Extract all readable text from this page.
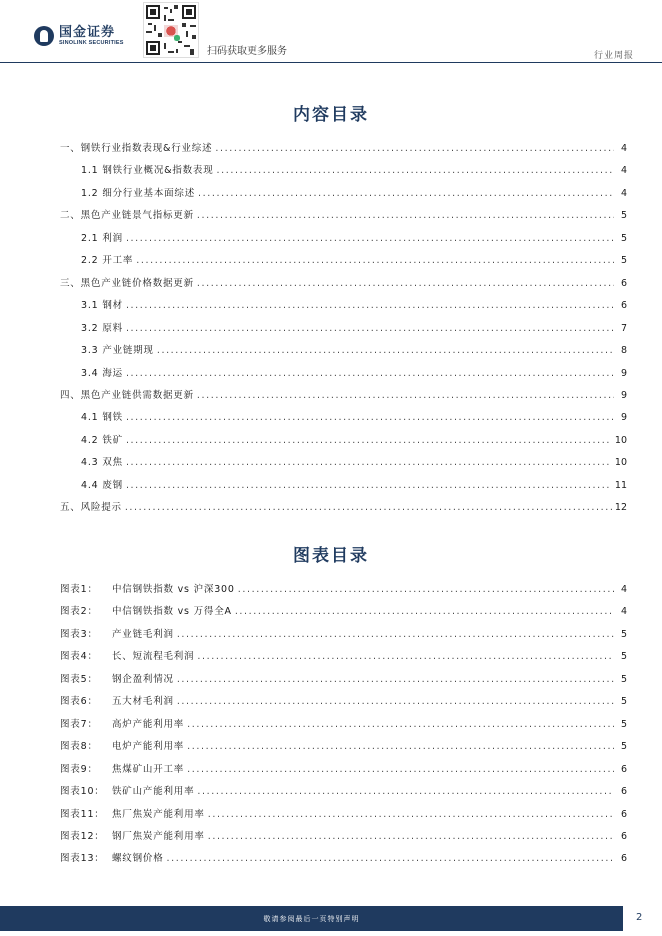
国金证券
SINOLINK SECURITIES
扫码获取更多服务	行业周报
内容目录
一、钢铁行业指数表现&行业综述 .....	4
1.1 钢铁行业概况&指数表现 .....	4
1.2 细分行业基本面综述 .....	4
二、黑色产业链景气指标更新 .....	5
2.1 利润 .....	5
2.2 开工率 .....	5
三、黑色产业链价格数据更新 .....	6
3.1 钢材 .....	6
3.2 原料 .....	7
3.3 产业链期现 .....	8
3.4 海运 .....	9
四、黑色产业链供需数据更新 .....	9
4.1 钢铁 .....	9
4.2 铁矿 .....	10
4.3 双焦 .....	10
4.4 废钢 .....	11
五、风险提示 .....	12
图表目录
图表1： 中信钢铁指数 vs 沪深300 .....	4
图表2： 中信钢铁指数 vs 万得全A .....	4
图表3： 产业链毛利润 .....	5
图表4： 长、短流程毛利润 .....	5
图表5： 钢企盈利情况 .....	5
图表6： 五大材毛利润 .....	5
图表7： 高炉产能利用率 .....	5
图表8： 电炉产能利用率 .....	5
图表9： 焦煤矿山开工率 .....	6
图表10： 铁矿山产能利用率 .....	6
图表11： 焦厂焦炭产能利用率 .....	6
图表12： 钢厂焦炭产能利用率 .....	6
图表13： 螺纹钢价格 .....	6
敬请参阅最后一页特别声明	2
